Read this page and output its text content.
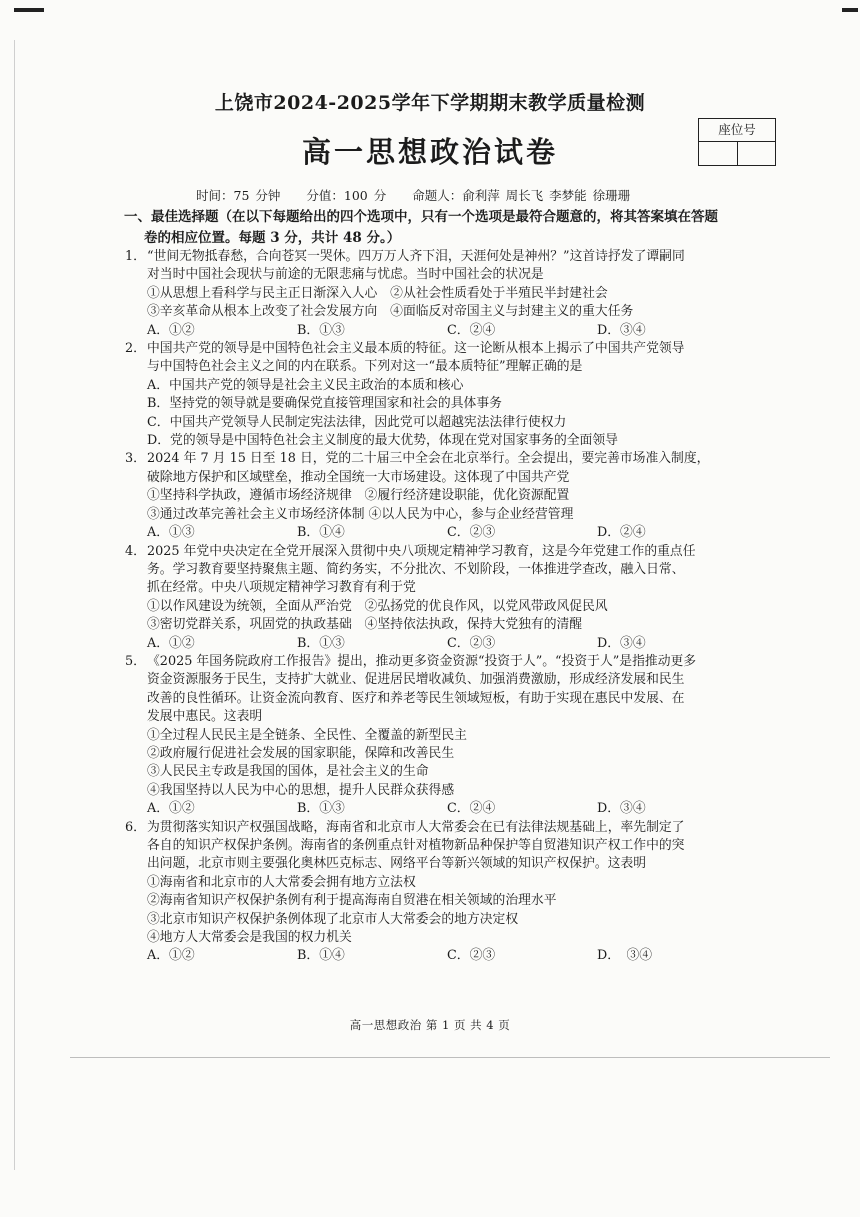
上饶市2024-2025学年下学期期末教学质量检测
高一思想政治试卷
座位号
时间：75 分钟 分值：100 分 命题人：俞利萍 周长飞 李梦能 徐珊珊
一、最佳选择题（在以下每题给出的四个选项中，只有一个选项是最符合题意的，将其答案填在答题
卷的相应位置。每题 3 分，共计 48 分。）
1．“世间无物抵春愁，合向苍冥一哭休。四万万人齐下泪，天涯何处是神州？”这首诗抒发了谭嗣同
对当时中国社会现状与前途的无限悲痛与忧虑。当时中国社会的状况是
①从思想上看科学与民主正日渐深入人心　②从社会性质看处于半殖民半封建社会
③辛亥革命从根本上改变了社会发展方向　④面临反对帝国主义与封建主义的重大任务
A．①②	B．①③	C．②④	D．③④
2．中国共产党的领导是中国特色社会主义最本质的特征。这一论断从根本上揭示了中国共产党领导
与中国特色社会主义之间的内在联系。下列对这一“最本质特征”理解正确的是
A．中国共产党的领导是社会主义民主政治的本质和核心
B．坚持党的领导就是要确保党直接管理国家和社会的具体事务
C．中国共产党领导人民制定宪法法律，因此党可以超越宪法法律行使权力
D．党的领导是中国特色社会主义制度的最大优势，体现在党对国家事务的全面领导
3．2024 年 7 月 15 日至 18 日，党的二十届三中全会在北京举行。全会提出，要完善市场准入制度，
破除地方保护和区域壁垒，推动全国统一大市场建设。这体现了中国共产党
①坚持科学执政，遵循市场经济规律　②履行经济建设职能，优化资源配置
③通过改革完善社会主义市场经济体制 ④以人民为中心，参与企业经营管理
A．①③	B．①④	C．②③	D．②④
4．2025 年党中央决定在全党开展深入贯彻中央八项规定精神学习教育，这是今年党建工作的重点任
务。学习教育要坚持聚焦主题、简约务实，不分批次、不划阶段，一体推进学查改，融入日常、
抓在经常。中央八项规定精神学习教育有利于党
①以作风建设为统领，全面从严治党　②弘扬党的优良作风，以党风带政风促民风
③密切党群关系，巩固党的执政基础　④坚持依法执政，保持大党独有的清醒
A．①②	B．①③	C．②③	D．③④
5．《2025 年国务院政府工作报告》提出，推动更多资金资源“投资于人”。“投资于人”是指推动更多
资金资源服务于民生，支持扩大就业、促进居民增收减负、加强消费激励，形成经济发展和民生
改善的良性循环。让资金流向教育、医疗和养老等民生领域短板，有助于实现在惠民中发展、在
发展中惠民。这表明
①全过程人民民主是全链条、全民性、全覆盖的新型民主
②政府履行促进社会发展的国家职能，保障和改善民生
③人民民主专政是我国的国体，是社会主义的生命
④我国坚持以人民为中心的思想，提升人民群众获得感
A．①②	B．①③	C．②④	D．③④
6．为贯彻落实知识产权强国战略，海南省和北京市人大常委会在已有法律法规基础上，率先制定了
各自的知识产权保护条例。海南省的条例重点针对植物新品种保护等自贸港知识产权工作中的突
出问题，北京市则主要强化奥林匹克标志、网络平台等新兴领域的知识产权保护。这表明
①海南省和北京市的人大常委会拥有地方立法权
②海南省知识产权保护条例有利于提高海南自贸港在相关领域的治理水平
③北京市知识产权保护条例体现了北京市人大常委会的地方决定权
④地方人大常委会是我国的权力机关
A．①②	B．①④	C．②③	D．　③④
高一思想政治 第 1 页 共 4 页
